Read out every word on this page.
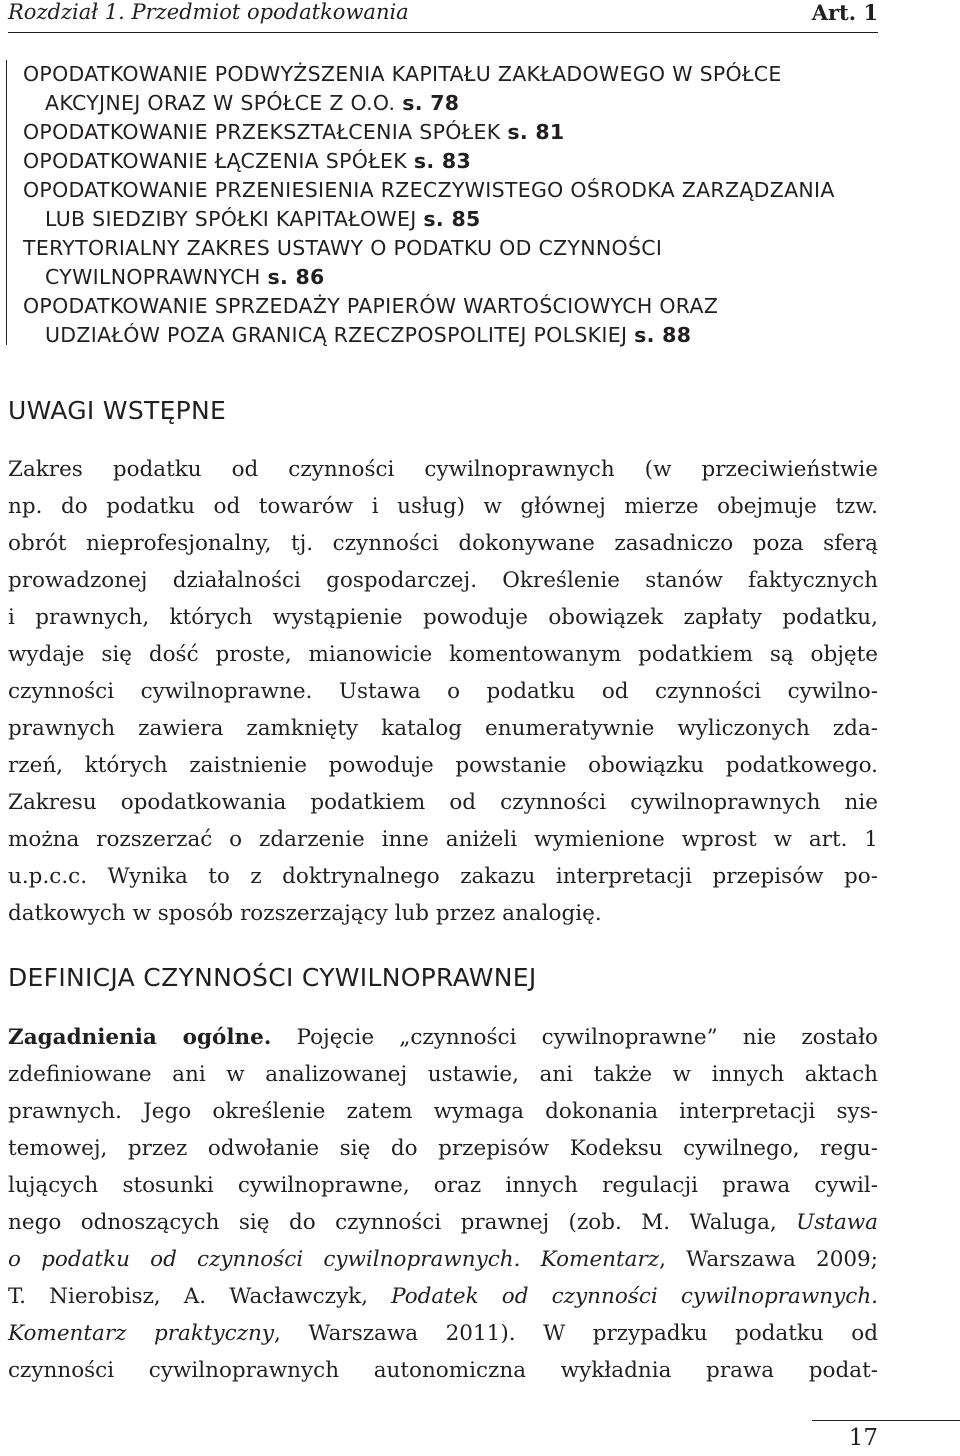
Rozdział 1. Przedmiot opodatkowania	Art. 1
OPODATKOWANIE PODWYŻSZENIA KAPITAŁU ZAKŁADOWEGO W SPÓŁCE
AKCYJNEJ ORAZ W SPÓŁCE Z O.O. s. 78
OPODATKOWANIE PRZEKSZTAŁCENIA SPÓŁEK s. 81
OPODATKOWANIE ŁĄCZENIA SPÓŁEK s. 83
OPODATKOWANIE PRZENIESIENIA RZECZYWISTEGO OŚRODKA ZARZĄDZANIA
LUB SIEDZIBY SPÓŁKI KAPITAŁOWEJ s. 85
TERYTORIALNY ZAKRES USTAWY O PODATKU OD CZYNNOŚCI
CYWILNOPRAWNYCH s. 86
OPODATKOWANIE SPRZEDAŻY PAPIERÓW WARTOŚCIOWYCH ORAZ
UDZIAŁÓW POZA GRANICĄ RZECZPOSPOLITEJ POLSKIEJ s. 88
UWAGI WSTĘPNE
Zakres podatku od czynności cywilnoprawnych (w przeciwieństwie
np. do podatku od towarów i usług) w głównej mierze obejmuje tzw.
obrót nieprofesjonalny, tj. czynności dokonywane zasadniczo poza sferą
prowadzonej działalności gospodarczej. Określenie stanów faktycznych
i prawnych, których wystąpienie powoduje obowiązek zapłaty podatku,
wydaje się dość proste, mianowicie komentowanym podatkiem są objęte
czynności cywilnoprawne. Ustawa o podatku od czynności cywilno-
prawnych zawiera zamknięty katalog enumeratywnie wyliczonych zda-
rzeń, których zaistnienie powoduje powstanie obowiązku podatkowego.
Zakresu opodatkowania podatkiem od czynności cywilnoprawnych nie
można rozszerzać o zdarzenie inne aniżeli wymienione wprost w art. 1
u.p.c.c. Wynika to z doktrynalnego zakazu interpretacji przepisów po-
datkowych w sposób rozszerzający lub przez analogię.
DEFINICJA CZYNNOŚCI CYWILNOPRAWNEJ
Zagadnienia ogólne. Pojęcie „czynności cywilnoprawne” nie zostało
zdefiniowane ani w analizowanej ustawie, ani także w innych aktach
prawnych. Jego określenie zatem wymaga dokonania interpretacji sys-
temowej, przez odwołanie się do przepisów Kodeksu cywilnego, regu-
lujących stosunki cywilnoprawne, oraz innych regulacji prawa cywil-
nego odnoszących się do czynności prawnej (zob. M. Waluga, Ustawa
o podatku od czynności cywilnoprawnych. Komentarz, Warszawa 2009;
T. Nierobisz, A. Wacławczyk, Podatek od czynności cywilnoprawnych.
Komentarz praktyczny, Warszawa 2011). W przypadku podatku od
czynności cywilnoprawnych autonomiczna wykładnia prawa podat-
17
